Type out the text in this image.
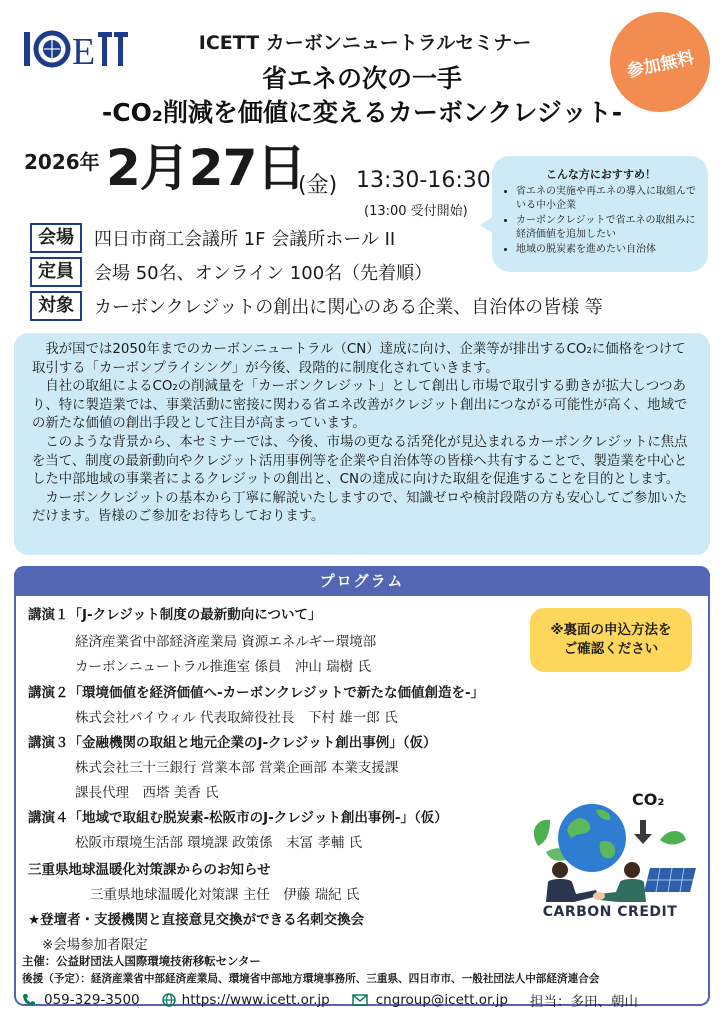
E	ICETT カーボンニュートラルセミナー
省エネの次の一手
-CO₂削減を価値に変えるカーボンクレジット-
参加無料
2026年 2月27日
(金) 13:30-16:30
(13:00 受付開始)
こんな方におすすめ！
• 省エネの実施や再エネの導入に取組んでいる中小企業
• カーボンクレジットで省エネの取組みに経済価値を追加したい
• 地域の脱炭素を進めたい自治体
会場	四日市商工会議所 1F 会議所ホール II
定員	会場 50名、オンライン 100名（先着順）
対象	カーボンクレジットの創出に関心のある企業、自治体の皆様 等

我が国では2050年までのカーボンニュートラル（CN）達成に向け、企業等が排出するCO₂に価格をつけて取引する「カーボンプライシング」が今後、段階的に制度化されていきます。

自社の取組によるCO₂の削減量を「カーボンクレジット」として創出し市場で取引する動きが拡大しつつあり、特に製造業では、事業活動に密接に関わる省エネ改善がクレジット創出につながる可能性が高く、地域での新たな価値の創出手段として注目が高まっています。

このような背景から、本セミナーでは、今後、市場の更なる活発化が見込まれるカーボンクレジットに焦点を当て、制度の最新動向やクレジット活用事例等を企業や自治体等の皆様へ共有することで、製造業を中心とした中部地域の事業者によるクレジットの創出と、CNの達成に向けた取組を促進することを目的とします。

カーボンクレジットの基本から丁寧に解説いたしますので、知識ゼロや検討段階の方も安心してご参加いただけます。皆様のご参加をお待ちしております。

プログラム
講演１「J-クレジット制度の最新動向について」
経済産業省中部経済産業局 資源エネルギー環境部
カーボンニュートラル推進室 係員　沖山 瑞樹 氏
講演２「環境価値を経済価値へ-カーボンクレジットで新たな価値創造を-」
株式会社バイウィル 代表取締役社長　下村 雄一郎 氏
講演３「金融機関の取組と地元企業のJ-クレジット創出事例」（仮）
株式会社三十三銀行 営業本部 営業企画部 本業支援課
課長代理　西塔 美香 氏
講演４「地域で取組む脱炭素-松阪市のJ-クレジット創出事例-」（仮）
松阪市環境生活部 環境課 政策係　末冨 孝輔 氏
三重県地球温暖化対策課からのお知らせ
三重県地球温暖化対策課 主任　伊藤 瑞紀 氏
★登壇者・支援機関と直接意見交換ができる名刺交換会
※会場参加者限定
※裏面の申込方法を
ご確認ください
CO₂
CARBON CREDIT
主催：公益財団法人国際環境技術移転センター
後援（予定）：経済産業省中部経済産業局、環境省中部地方環境事務所、三重県、四日市市、一般社団法人中部経済連合会
059-329-3500	https://www.icett.or.jp	cngroup@icett.or.jp 担当：多田、朝山
